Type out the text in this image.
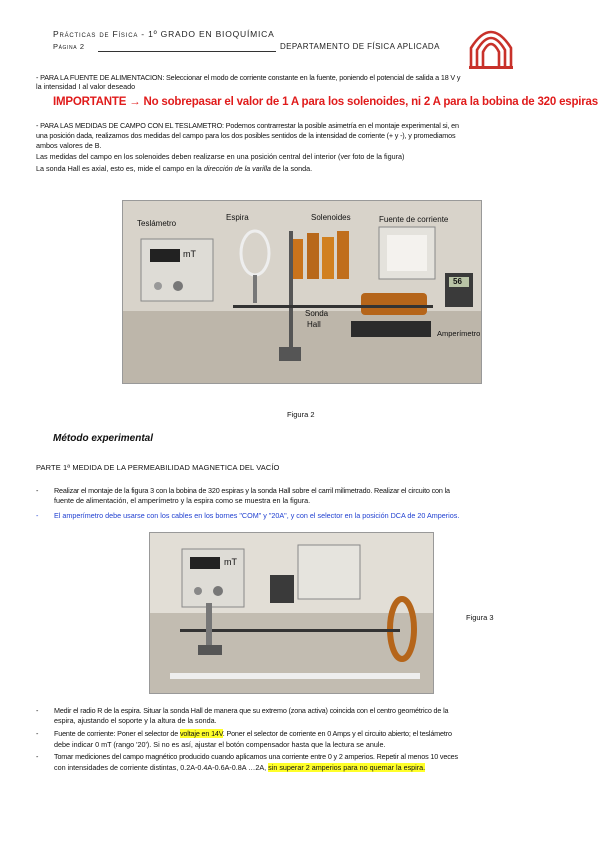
Prácticas de Física - 1º GRADO EN BIOQUÍMICA
Página 2	DEPARTAMENTO DE FÍSICA APLICADA
- PARA LA FUENTE DE ALIMENTACION: Seleccionar el modo de corriente constante en la fuente, poniendo el potencial de salida a 18 V y
la intensidad I al valor deseado
IMPORTANTE → No sobrepasar el valor de 1 A para los solenoides, ni 2 A para la bobina de 320 espiras
- PARA LAS MEDIDAS DE CAMPO CON EL TESLAMETRO: Podemos contrarrestar la posible asimetría en el montaje experimental si, en
una posición dada, realizamos dos medidas del campo para los dos posibles sentidos de la intensidad de corriente (+ y -), y promediamos
ambos valores de B.
Las medidas del campo en los solenoides deben realizarse en una posición central del interior (ver foto de la figura)
La sonda Hall es axial, esto es, mide el campo en la dirección de la varilla de la sonda.
Teslámetro
Espira	Solenoides	Fuente de corriente
Sonda
Hall
Amperímetro
mT
56
Figura 2
Método experimental
PARTE 1ª MEDIDA DE LA PERMEABILIDAD MAGNETICA DEL VACÍO
- Realizar el montaje de la figura 3 con la bobina de 320 espiras y la sonda Hall sobre el carril milimetrado. Realizar el circuito con la
fuente de alimentación, el amperímetro y la espira como se muestra en la figura.
- El amperímetro debe usarse con los cables en los bornes "COM" y "20A", y con el selector en la posición DCA de 20 Amperios.
mT
Figura 3
- Medir el radio R de la espira. Situar la sonda Hall de manera que su extremo (zona activa) coincida con el centro geométrico de la
espira, ajustando el soporte y la altura de la sonda.
- Fuente de corriente: Poner el selector de voltaje en 14V. Poner el selector de corriente en 0 Amps y el circuito abierto; el teslámetro
debe indicar 0 mT (rango '20'). Si no es así, ajustar el botón compensador hasta que la lectura se anule.
- Tomar mediciones del campo magnético producido cuando aplicamos una corriente entre 0 y 2 amperios. Repetir al menos 10 veces
con intensidades de corriente distintas, 0.2A-0.4A-0.6A-0.8A …2A, sin superar 2 amperios para no quemar la espira.
